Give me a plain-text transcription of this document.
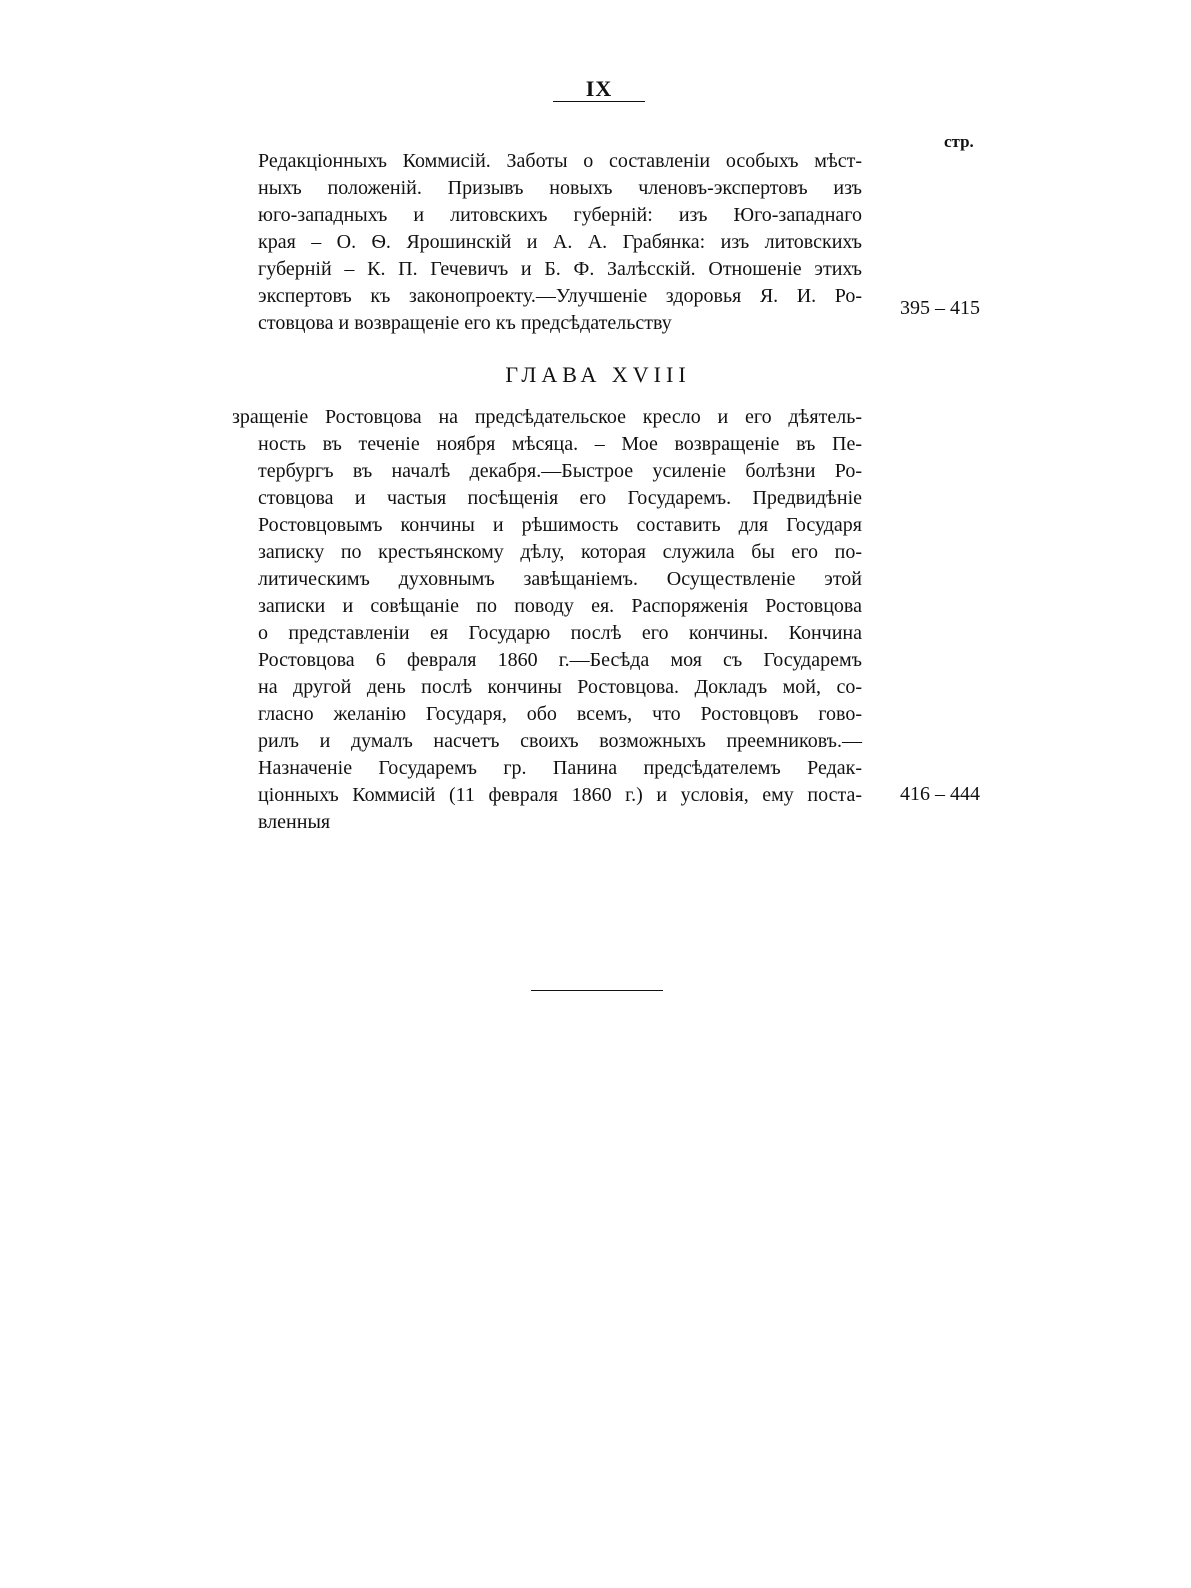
IX
стр.
Редакціонныхъ Коммисій. Заботы о составленіи особыхъ мѣст-
ныхъ положеній. Призывъ новыхъ членовъ-экспертовъ изъ
юго-западныхъ и литовскихъ губерній: изъ Юго-западнаго
края – О. Ѳ. Ярошинскій и А. А. Грабянка: изъ литовскихъ
губерній – К. П. Гечевичъ и Б. Ф. Залѣсскій. Отношеніе этихъ
экспертовъ къ законопроекту.—Улучшеніе здоровья Я. И. Ро-
стовцова и возвращеніе его къ предсѣдательству
395 – 415
ГЛАВА XVIII
зращеніе Ростовцова на предсѣдательское кресло и его дѣятель-
ность въ теченіе ноября мѣсяца. – Мое возвращеніе въ Пе-
тербургъ въ началѣ декабря.—Быстрое усиленіе болѣзни Ро-
стовцова и частыя посѣщенія его Государемъ. Предвидѣніе
Ростовцовымъ кончины и рѣшимость составить для Государя
записку по крестьянскому дѣлу, которая служила бы его по-
литическимъ духовнымъ завѣщаніемъ. Осуществленіе этой
записки и совѣщаніе по поводу ея. Распоряженія Ростовцова
о представленіи ея Государю послѣ его кончины. Кончина
Ростовцова 6 февраля 1860 г.—Бесѣда моя съ Государемъ
на другой день послѣ кончины Ростовцова. Докладъ мой, со-
гласно желанію Государя, обо всемъ, что Ростовцовъ гово-
рилъ и думалъ насчетъ своихъ возможныхъ преемниковъ.—
Назначеніе Государемъ гр. Панина предсѣдателемъ Редак-
ціонныхъ Коммисій (11 февраля 1860 г.) и условія, ему поста-
вленныя
416 – 444
